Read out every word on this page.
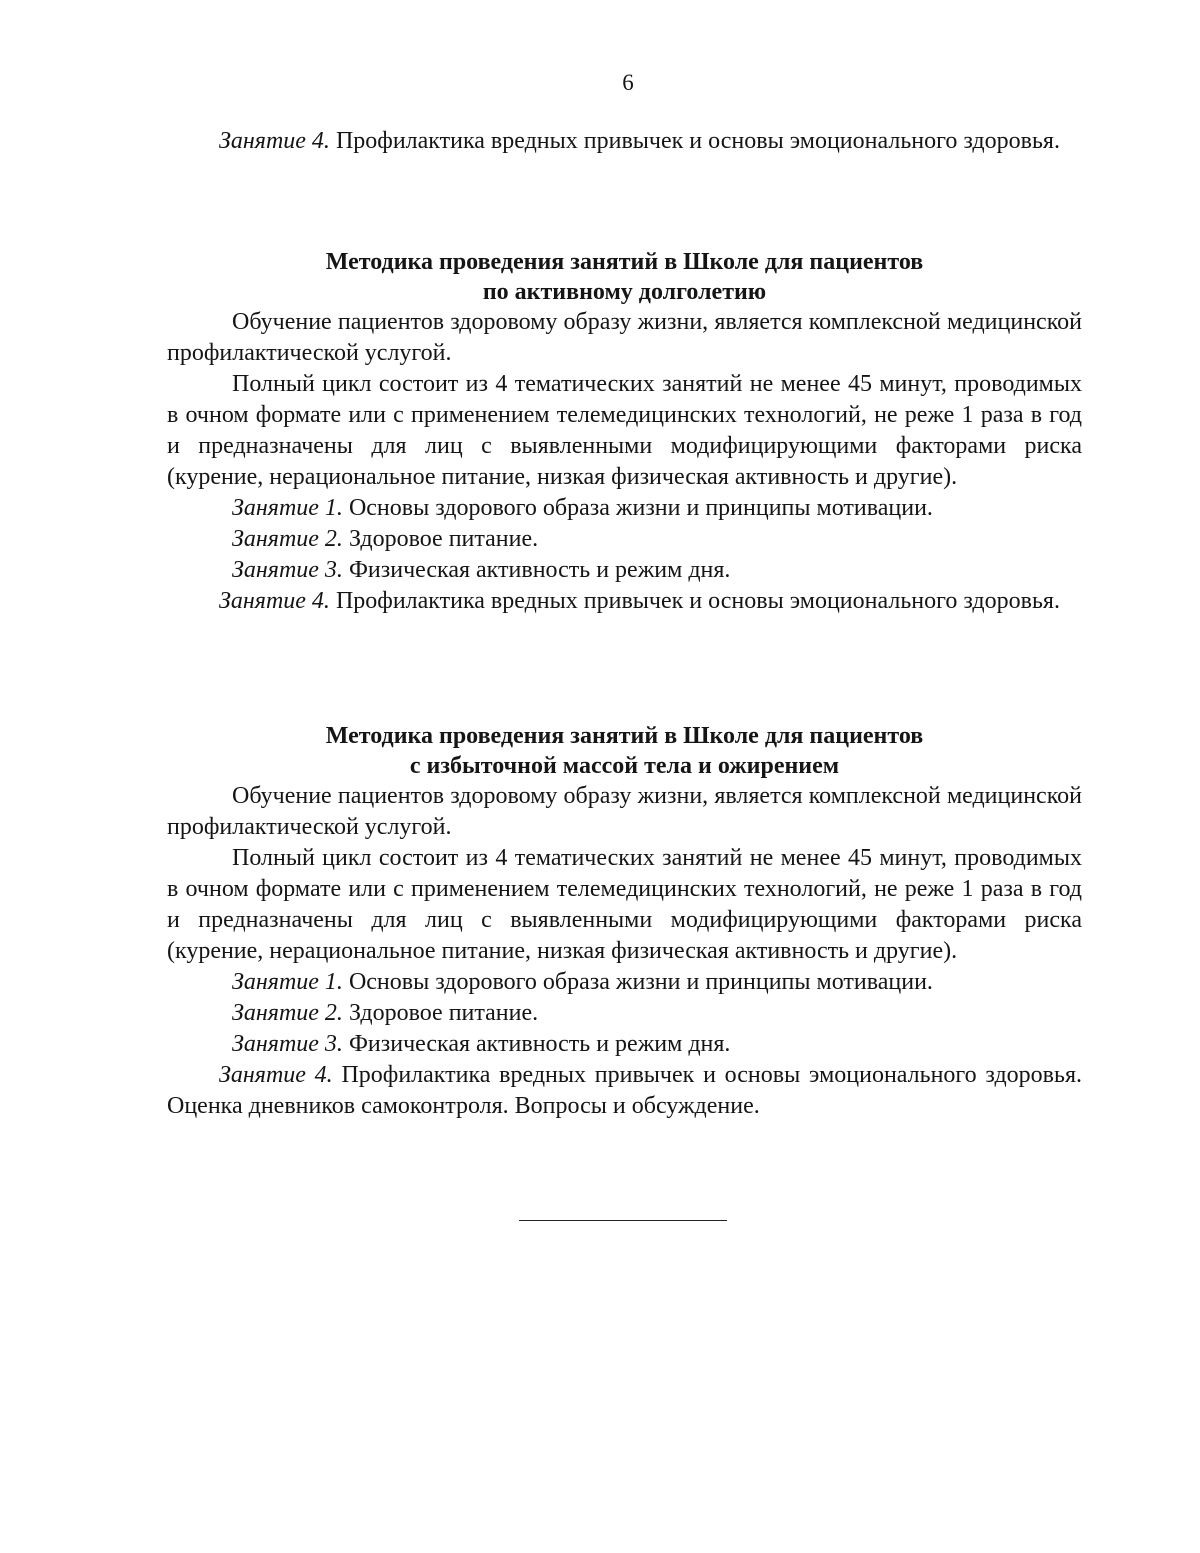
6

Занятие 4. Профилактика вредных привычек и основы эмоционального здоровья.

Методика проведения занятий в Школе для пациентов
по активному долголетию

Обучение пациентов здоровому образу жизни, является комплексной медицинской профилактической услугой.

Полный цикл состоит из 4 тематических занятий не менее 45 минут, проводимых в очном формате или с применением телемедицинских технологий, не реже 1 раза в год и предназначены для лиц с выявленными модифицирующими факторами риска (курение, нерациональное питание, низкая физическая активность и другие).

Занятие 1. Основы здорового образа жизни и принципы мотивации.

Занятие 2. Здоровое питание.

Занятие 3. Физическая активность и режим дня.

Занятие 4. Профилактика вредных привычек и основы эмоционального здоровья.

Методика проведения занятий в Школе для пациентов
с избыточной массой тела и ожирением

Обучение пациентов здоровому образу жизни, является комплексной медицинской профилактической услугой.

Полный цикл состоит из 4 тематических занятий не менее 45 минут, проводимых в очном формате или с применением телемедицинских технологий, не реже 1 раза в год и предназначены для лиц с выявленными модифицирующими факторами риска (курение, нерациональное питание, низкая физическая активность и другие).

Занятие 1. Основы здорового образа жизни и принципы мотивации.

Занятие 2. Здоровое питание.

Занятие 3. Физическая активность и режим дня.

Занятие 4. Профилактика вредных привычек и основы эмоционального здоровья. Оценка дневников самоконтроля. Вопросы и обсуждение.
